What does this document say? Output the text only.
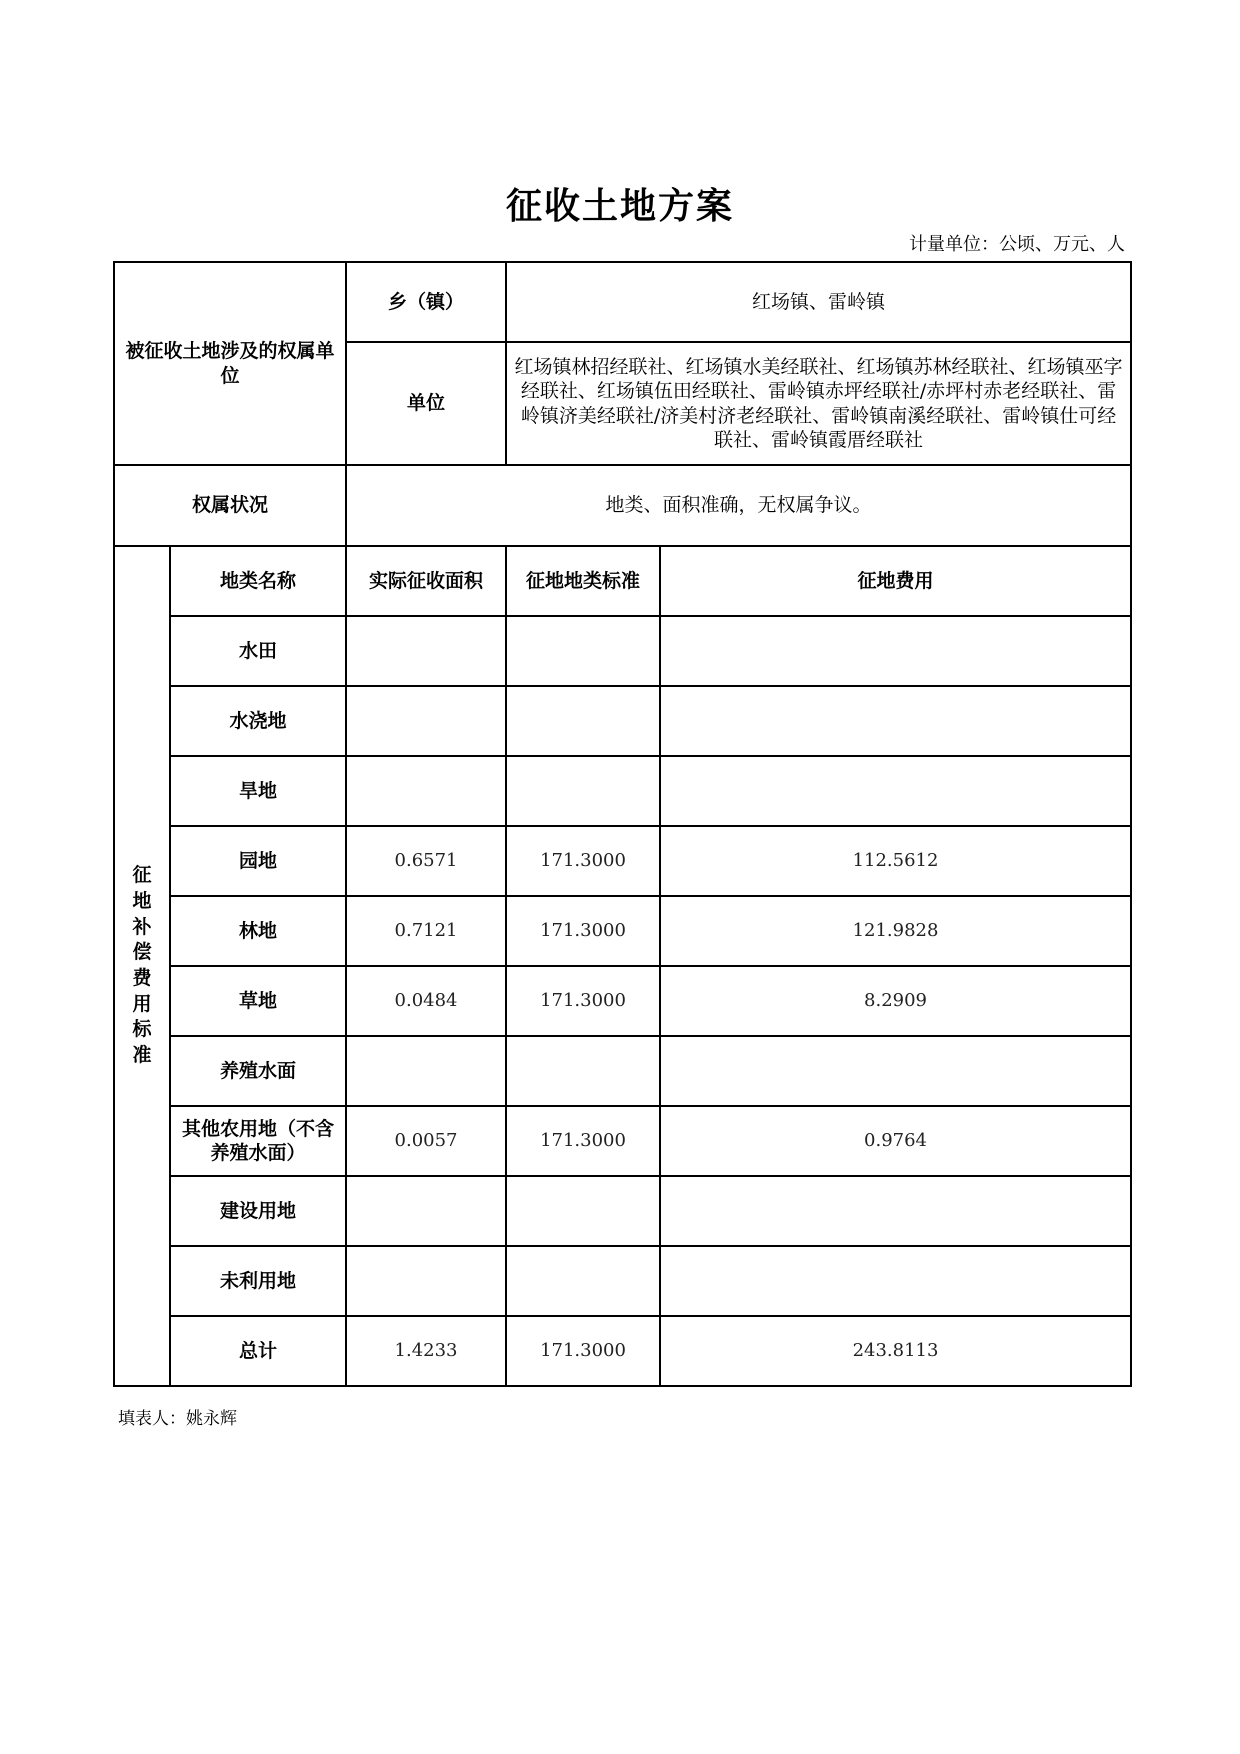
征收土地方案
计量单位：公顷、万元、人
被征收土地涉及的权属单位		乡（镇）	红场镇、雷岭镇	
		单位	红场镇林招经联社、红场镇水美经联社、红场镇苏林经联社、红场镇巫字经联社、红场镇伍田经联社、雷岭镇赤坪经联社/赤坪村赤老经联社、雷岭镇济美经联社/济美村济老经联社、雷岭镇南溪经联社、雷岭镇仕可经联社、雷岭镇霞厝经联社	
权属状况		地类、面积准确，无权属争议。		

征地补偿费用标准	地类名称	实际征收面积	征地地类标准	征地费用
	水田			
	水浇地			
	旱地			
	园地	0.6571	171.3000	112.5612
	林地	0.7121	171.3000	121.9828
	草地	0.0484	171.3000	8.2909
	养殖水面			
	其他农用地（不含养殖水面）	0.0057	171.3000	0.9764
	建设用地			
	未利用地			
	总计	1.4233	171.3000	243.8113
填表人：姚永辉
